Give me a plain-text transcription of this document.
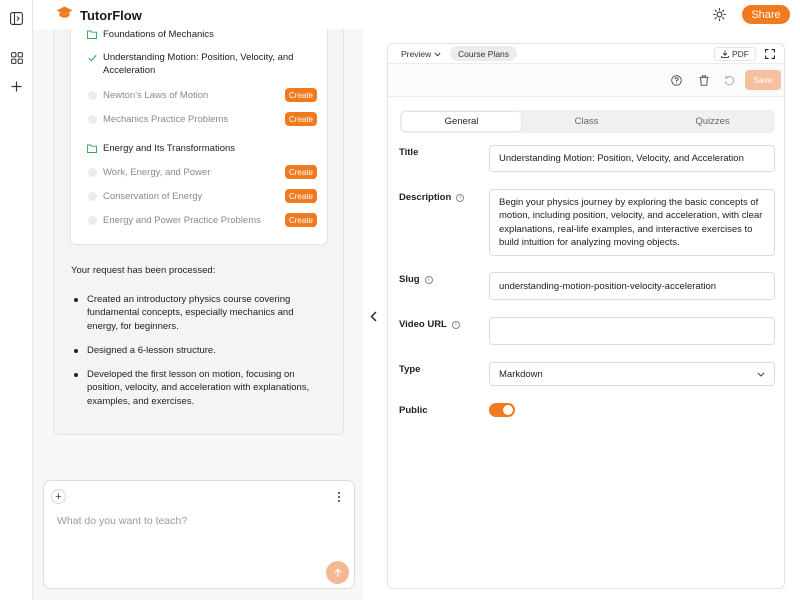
TutorFlow	Share
Foundations of Mechanics
Understanding Motion: Position, Velocity, and Acceleration
Newton's Laws of Motion	Create
Mechanics Practice Problems	Create
Energy and Its Transformations
Work, Energy, and Power	Create
Conservation of Energy	Create
Energy and Power Practice Problems	Create
Your request has been processed:
Created an introductory physics course covering fundamental concepts, especially mechanics and energy, for beginners.
Designed a 6-lesson structure.
Developed the first lesson on motion, focusing on position, velocity, and acceleration with explanations, examples, and exercises.
+
What do you want to teach?
Preview	Course Plans	PDF
Save
General	Class	Quizzes
Title
Understanding Motion: Position, Velocity, and Acceleration
Description	i
Begin your physics journey by exploring the basic concepts of motion, including position, velocity, and acceleration, with clear explanations, real-life examples, and interactive exercises to build intuition for analyzing moving objects.
Slug	i
understanding-motion-position-velocity-acceleration
Video URL	i
Type	Markdown
Public
